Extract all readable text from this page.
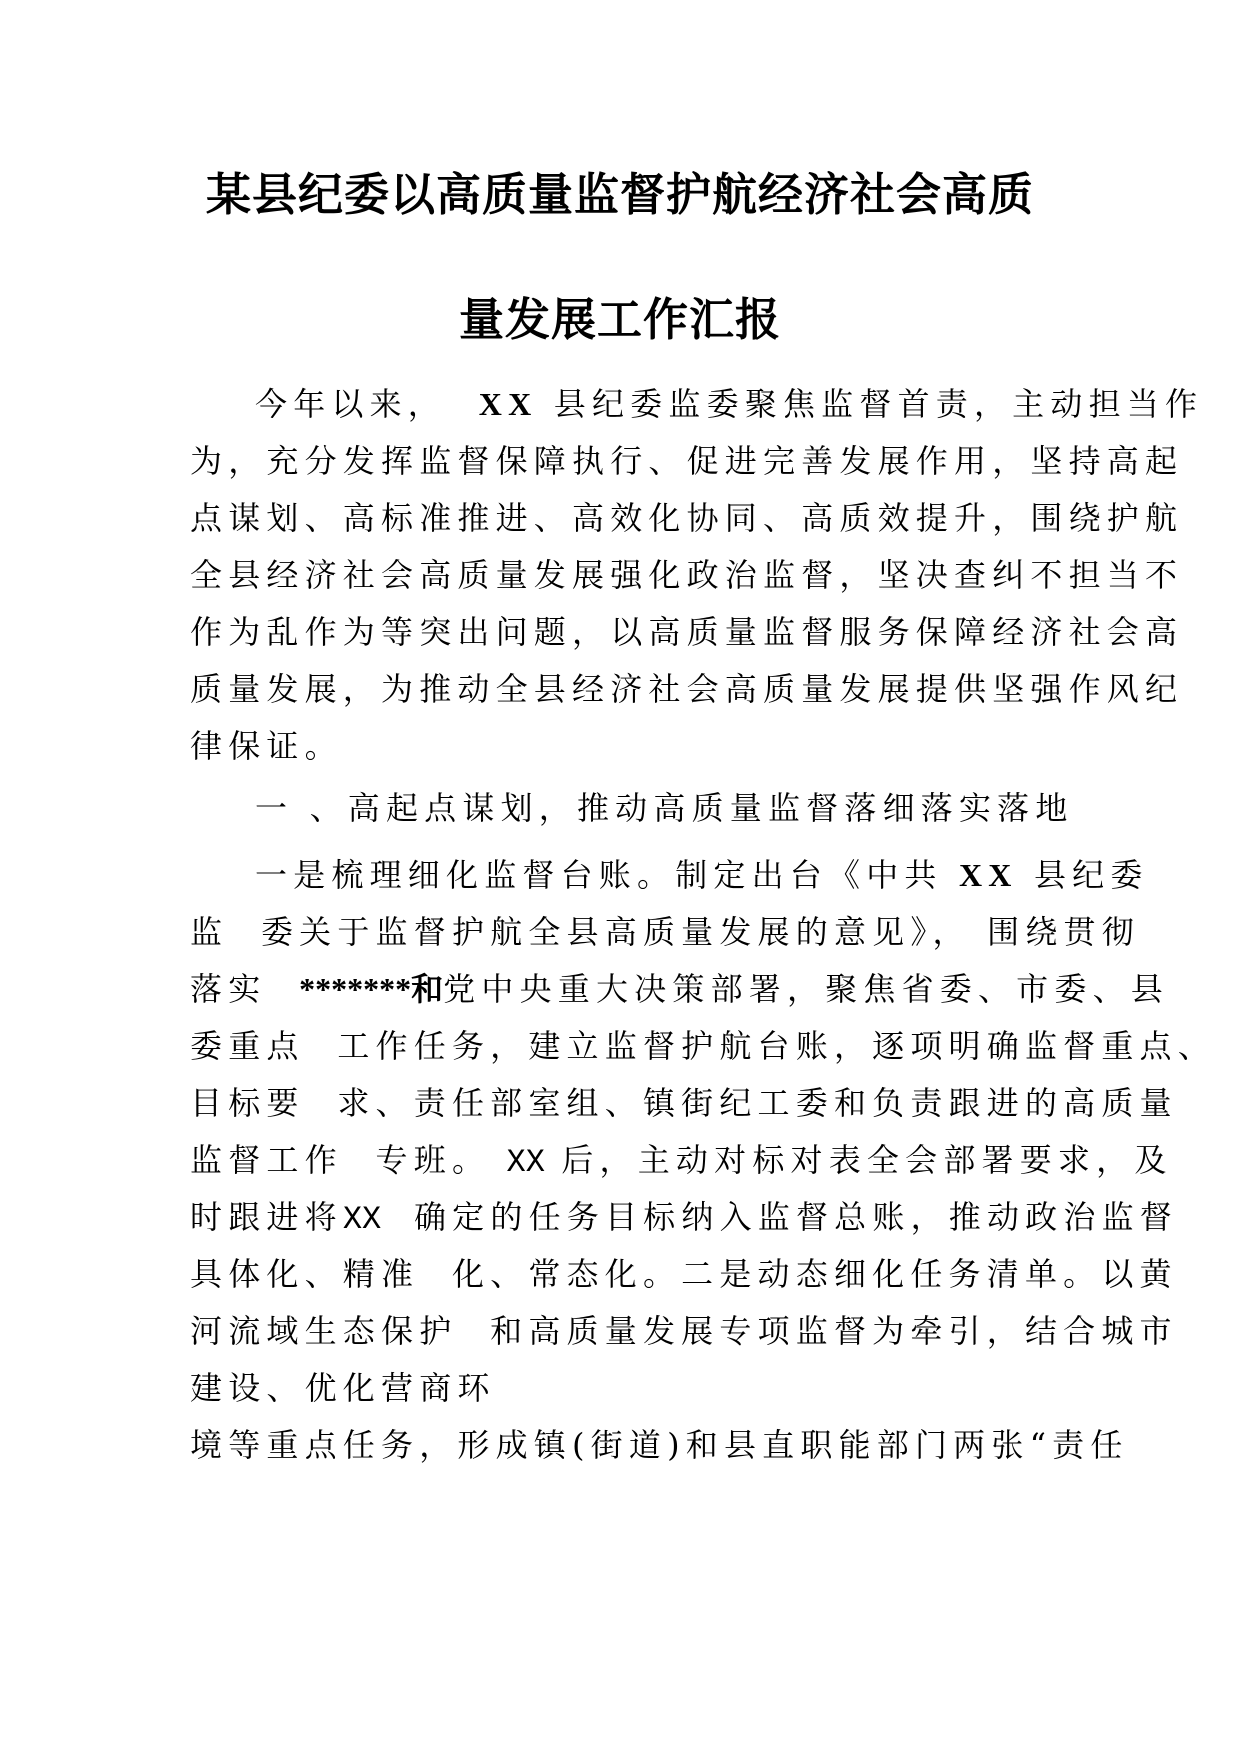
某县纪委以高质量监督护航经济社会高质
量发展工作汇报
今年以来， XX 县纪委监委聚焦监督首责，主动担当作
为，充分发挥监督保障执行、促进完善发展作用，坚持高起
点谋划、高标准推进、高效化协同、高质效提升，围绕护航
全县经济社会高质量发展强化政治监督，坚决查纠不担当不
作为乱作为等突出问题，以高质量监督服务保障经济社会高
质量发展，为推动全县经济社会高质量发展提供坚强作风纪
律保证。
一 、高起点谋划，推动高质量监督落细落实落地
一是梳理细化监督台账。制定出台《中共 XX 县纪委
监  委关于监督护航全县高质量发展的意见》， 围绕贯彻
落实 *******和党中央重大决策部署，聚焦省委、市委、县
委重点  工作任务，建立监督护航台账，逐项明确监督重点、
目标要  求、责任部室组、镇街纪工委和负责跟进的高质量
监督工作  专班。 XX 后，主动对标对表全会部署要求，及
时跟进将XX 确定的任务目标纳入监督总账，推动政治监督
具体化、精准  化、常态化。二是动态细化任务清单。以黄
河流域生态保护  和高质量发展专项监督为牵引，结合城市
建设、优化营商环
境等重点任务，形成镇(街道)和县直职能部门两张“责任
